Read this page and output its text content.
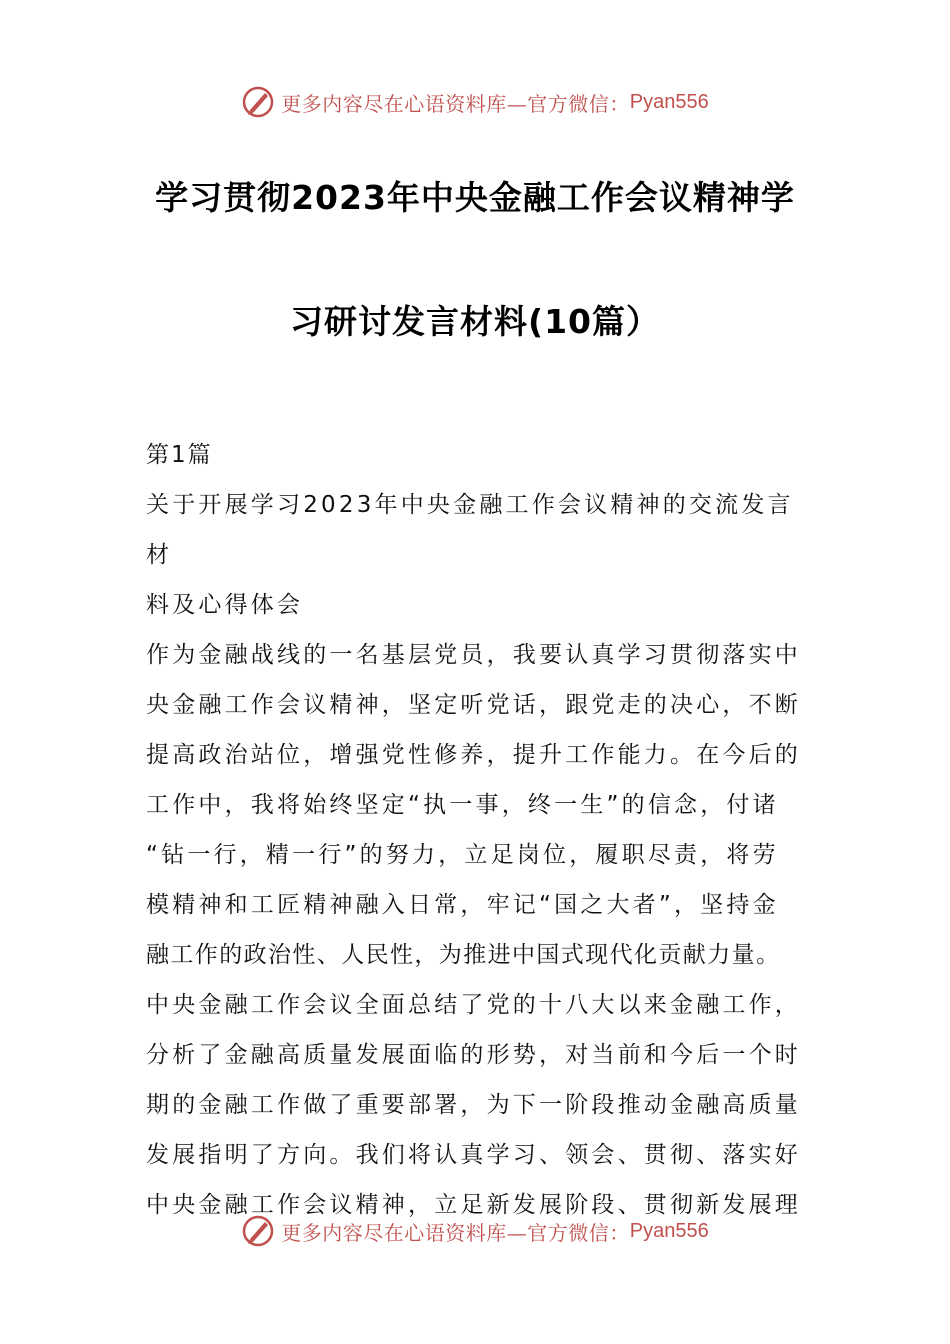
更多内容尽在心语资料库—官方微信： Pyan556
学习贯彻2023年中央金融工作会议精神学
习研讨发言材料(10篇）

第1篇

关于开展学习2023年中央金融工作会议精神的交流发言材

料及心得体会

作为金融战线的一名基层党员，我要认真学习贯彻落实中

央金融工作会议精神，坚定听党话，跟党走的决心，不断

提高政治站位，增强党性修养，提升工作能力。在今后的

工作中，我将始终坚定“执一事，终一生”的信念，付诸

“钻一行，精一行”的努力，立足岗位，履职尽责，将劳

模精神和工匠精神融入日常，牢记“国之大者”，坚持金

融工作的政治性、人民性，为推进中国式现代化贡献力量。

中央金融工作会议全面总结了党的十八大以来金融工作，

分析了金融高质量发展面临的形势，对当前和今后一个时

期的金融工作做了重要部署，为下一阶段推动金融高质量

发展指明了方向。我们将认真学习、领会、贯彻、落实好

中央金融工作会议精神，立足新发展阶段、贯彻新发展理

更多内容尽在心语资料库—官方微信： Pyan556
